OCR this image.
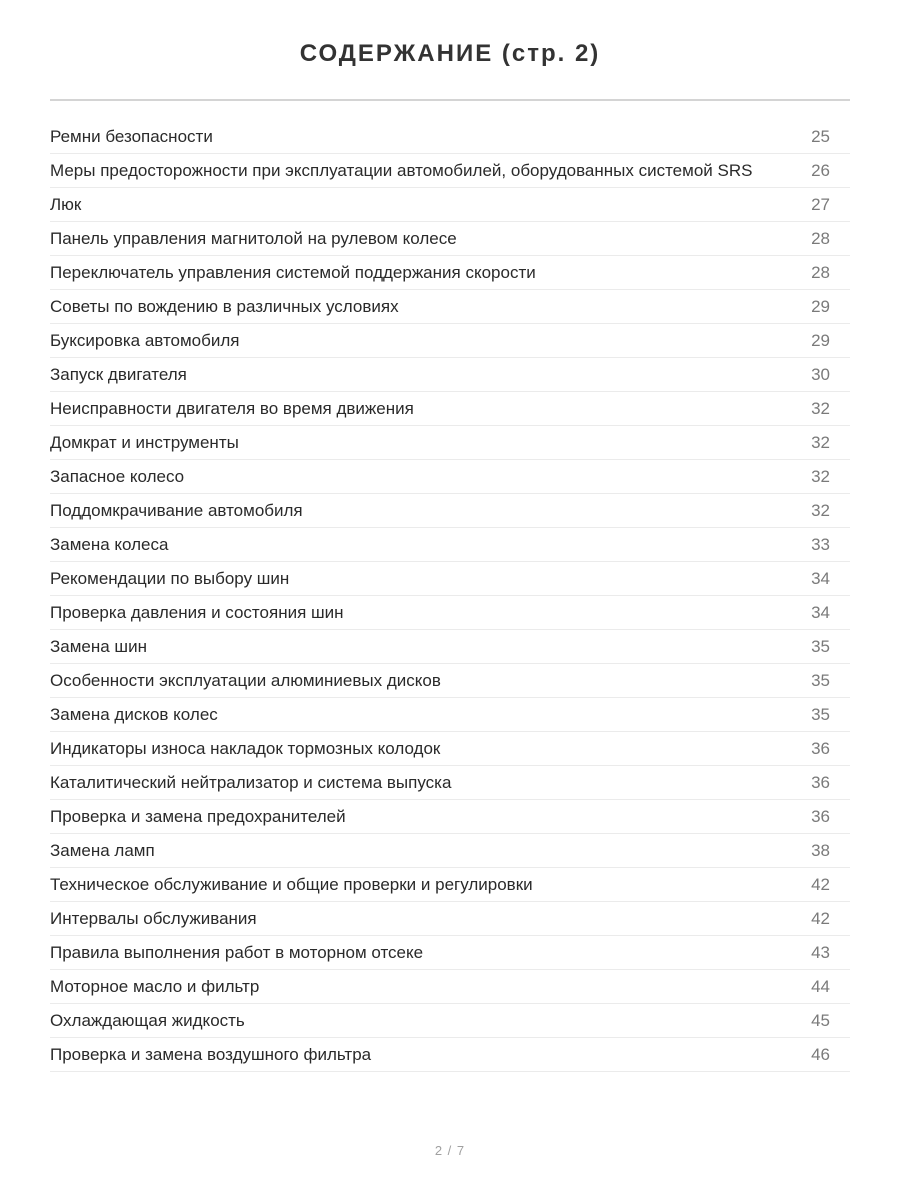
СОДЕРЖАНИЕ (стр. 2)
Ремни безопасности	25
Меры предосторожности при эксплуатации автомобилей, оборудованных системой SRS	26
Люк	27
Панель управления магнитолой на рулевом колесе	28
Переключатель управления системой поддержания скорости	28
Советы по вождению в различных условиях	29
Буксировка автомобиля	29
Запуск двигателя	30
Неисправности двигателя во время движения	32
Домкрат и инструменты	32
Запасное колесо	32
Поддомкрачивание автомобиля	32
Замена колеса	33
Рекомендации по выбору шин	34
Проверка давления и состояния шин	34
Замена шин	35
Особенности эксплуатации алюминиевых дисков	35
Замена дисков колес	35
Индикаторы износа накладок тормозных колодок	36
Каталитический нейтрализатор и система выпуска	36
Проверка и замена предохранителей	36
Замена ламп	38
Техническое обслуживание и общие проверки и регулировки	42
Интервалы обслуживания	42
Правила выполнения работ в моторном отсеке	43
Моторное масло и фильтр	44
Охлаждающая жидкость	45
Проверка и замена воздушного фильтра	46
2 / 7
